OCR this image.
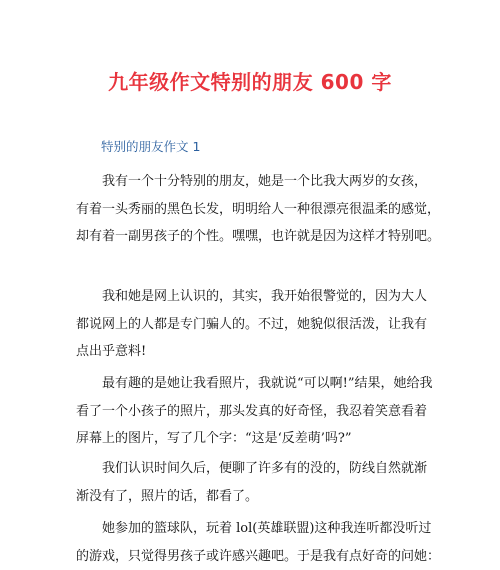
九年级作文特别的朋友 600 字

特别的朋友作文 1

我有一个十分特别的朋友，她是一个比我大两岁的女孩，
有着一头秀丽的黑色长发，明明给人一种很漂亮很温柔的感觉，
却有着一副男孩子的个性。嘿嘿，也许就是因为这样才特别吧。
我和她是网上认识的，其实，我开始很警觉的，因为大人
都说网上的人都是专门骗人的。不过，她貌似很活泼，让我有
点出乎意料!
最有趣的是她让我看照片，我就说“可以啊!”结果，她给我
看了一个小孩子的照片，那头发真的好奇怪，我忍着笑意看着
屏幕上的图片，写了几个字：“这是‘反差萌’吗?”
我们认识时间久后，便聊了许多有的没的，防线自然就渐
渐没有了，照片的话，都看了。
她参加的篮球队，玩着 lol(英雄联盟)这种我连听都没听过
的游戏，只觉得男孩子或许感兴趣吧。于是我有点好奇的问她：
